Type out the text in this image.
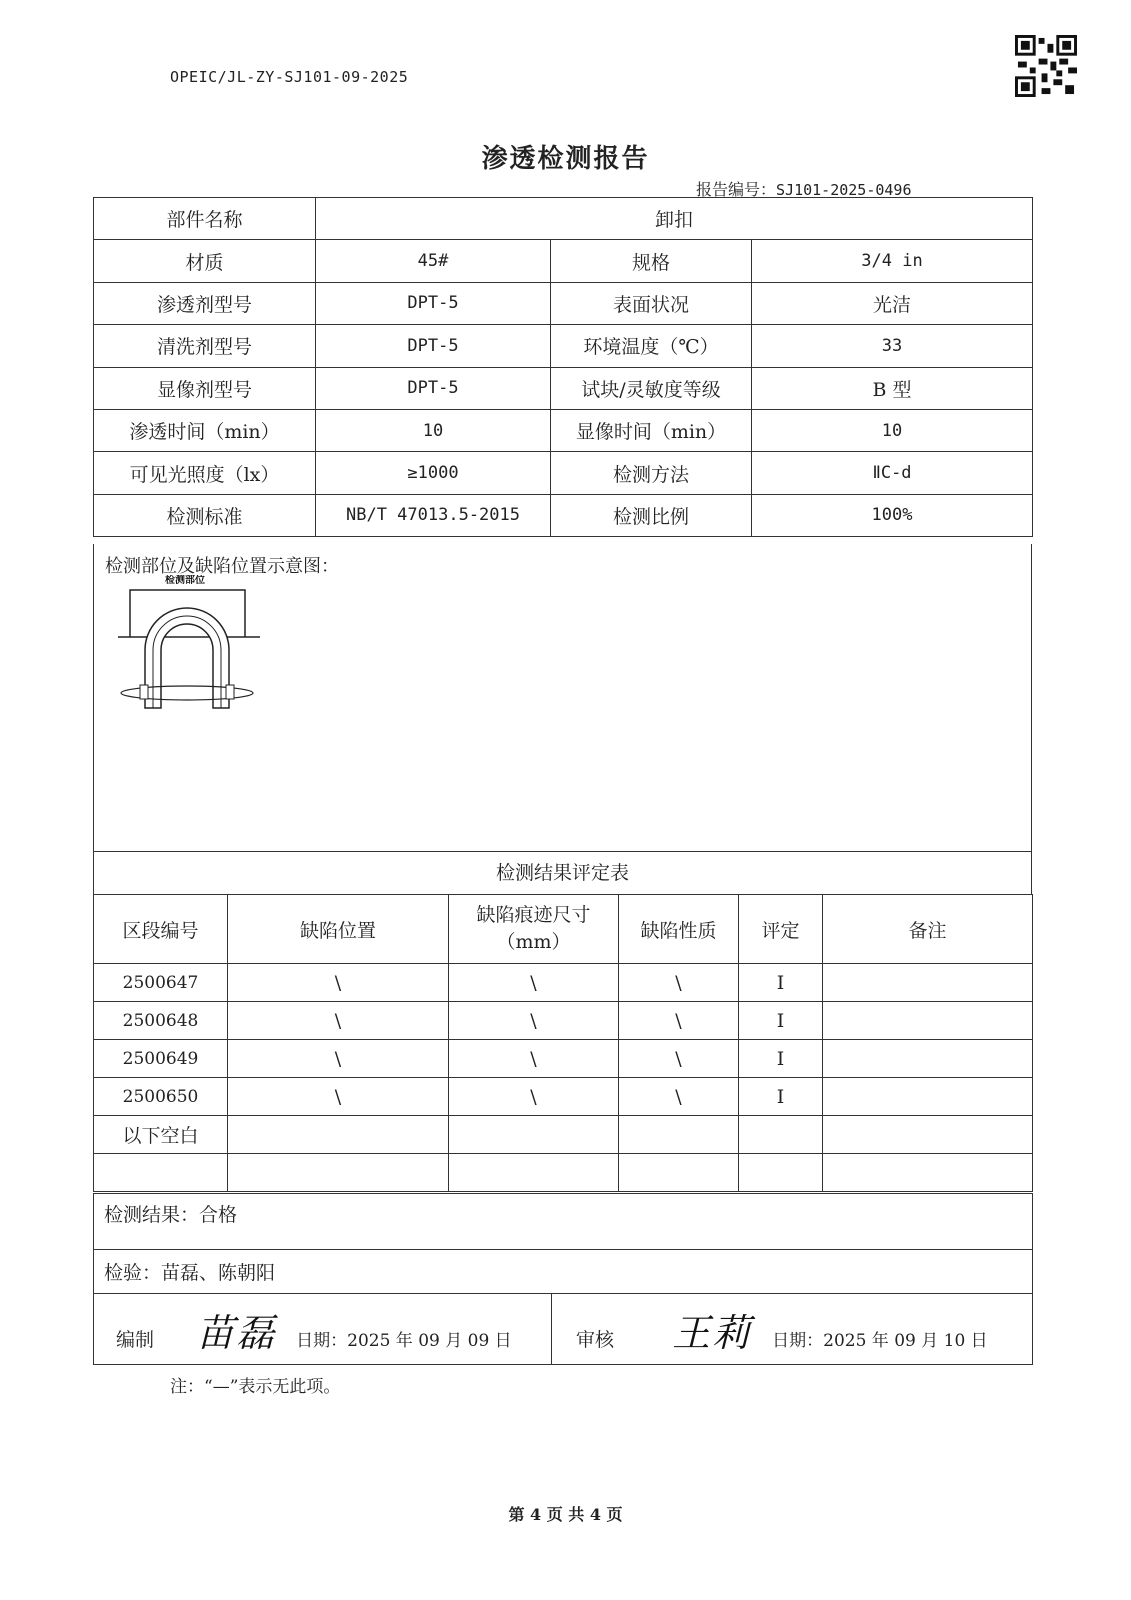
OPEIC/JL-ZY-SJ101-09-2025
渗透检测报告
报告编号：SJ101-2025-0496
部件名称	卸扣		
材质	45#	规格	3/4 in
渗透剂型号	DPT-5	表面状况	光洁
清洗剂型号	DPT-5	环境温度（℃）	33
显像剂型号	DPT-5	试块/灵敏度等级	B 型
渗透时间（min）	10	显像时间（min）	10
可见光照度（lx）	≥1000	检测方法	ⅡC-d
检测标准	NB/T 47013.5-2015	检测比例	100%
检测部位及缺陷位置示意图：
检测部位
检测结果评定表
区段编号	缺陷位置	缺陷痕迹尺寸（mm）	缺陷性质	评定	备注
2500647	\	\	\	I	
2500648	\	\	\	I	
2500649	\	\	\	I	
2500650	\	\	\	I	
以下空白					

检测结果：合格
检验：苗磊、陈朝阳
编制 苗磊 日期：2025 年 09 月 09 日	审核 王莉 日期：2025 年 09 月 10 日
注：“—”表示无此项。
第 4 页 共 4 页
